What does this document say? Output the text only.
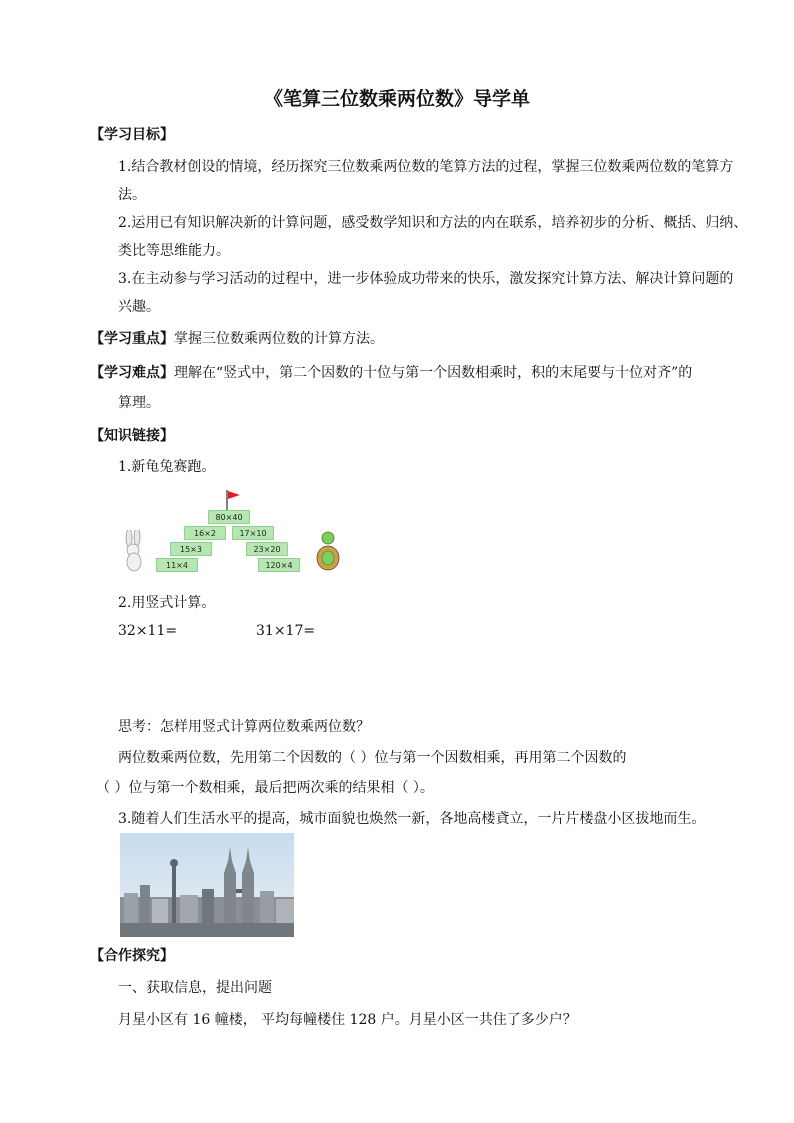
《笔算三位数乘两位数》导学单
【学习目标】
1.结合教材创设的情境，经历探究三位数乘两位数的笔算方法的过程，掌握三位数乘两位数的笔算方
法。
2.运用已有知识解决新的计算问题，感受数学知识和方法的内在联系，培养初步的分析、概括、归纳、
类比等思维能力。
3.在主动参与学习活动的过程中，进一步体验成功带来的快乐，激发探究计算方法、解决计算问题的
兴趣。
【学习重点】掌握三位数乘两位数的计算方法。
【学习难点】理解在“竖式中，第二个因数的十位与第一个因数相乘时，积的末尾要与十位对齐”的
算理。
【知识链接】
1.新龟兔赛跑。
80×40
16×2	17×10
15×3	23×20
11×4	120×4
2.用竖式计算。
32×11=	31×17=
思考：怎样用竖式计算两位数乘两位数？
两位数乘两位数，先用第二个因数的（ ）位与第一个因数相乘，再用第二个因数的
（ ）位与第一个数相乘，最后把两次乘的结果相（ ）。
3.随着人们生活水平的提高，城市面貌也焕然一新，各地高楼貣立，一片片楼盘小区拔地而生。
【合作探究】
一、获取信息，提出问题
月星小区有 16 幢楼， 平均每幢楼住 128 户。月星小区一共住了多少户？
